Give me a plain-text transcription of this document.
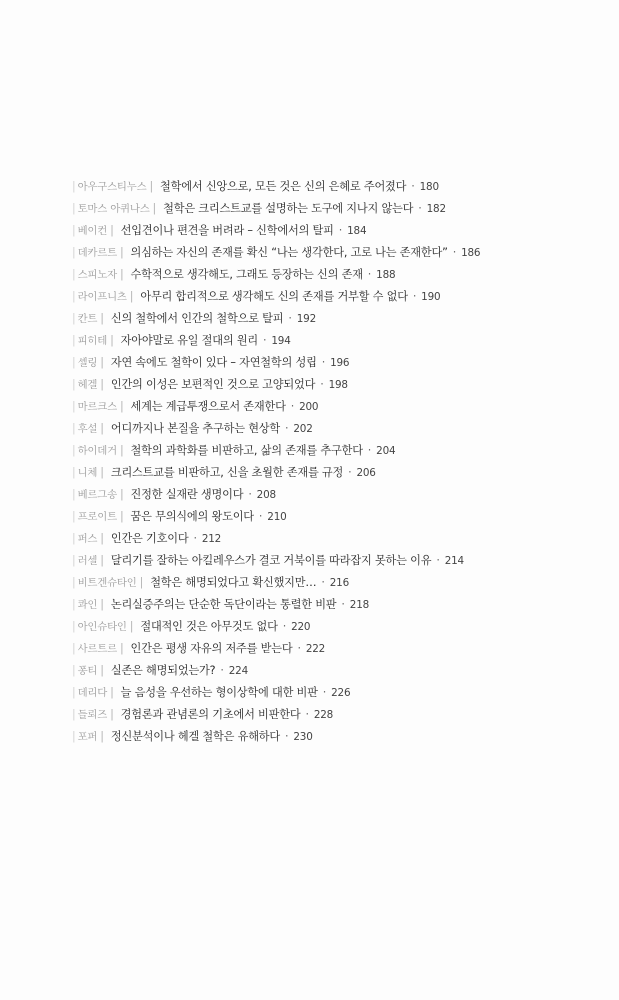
| 아우구스티누스 | 철학에서 신앙으로, 모든 것은 신의 은혜로 주어졌다 · 180
| 토마스 아퀴나스 | 철학은 크리스트교를 설명하는 도구에 지나지 않는다 · 182
| 베이컨 | 선입견이나 편견을 버려라 – 신학에서의 탈피 · 184
| 데카르트 | 의심하는 자신의 존재를 확신 “나는 생각한다, 고로 나는 존재한다” · 186
| 스피노자 | 수학적으로 생각해도, 그래도 등장하는 신의 존재 · 188
| 라이프니츠 | 아무리 합리적으로 생각해도 신의 존재를 거부할 수 없다 · 190
| 칸트 | 신의 철학에서 인간의 철학으로 탈피 · 192
| 피히테 | 자아야말로 유일 절대의 원리 · 194
| 셸링 | 자연 속에도 철학이 있다 – 자연철학의 성립 · 196
| 헤겔 | 인간의 이성은 보편적인 것으로 고양되었다 · 198
| 마르크스 | 세계는 계급투쟁으로서 존재한다 · 200
| 후설 | 어디까지나 본질을 추구하는 현상학 · 202
| 하이데거 | 철학의 과학화를 비판하고, 삶의 존재를 추구한다 · 204
| 니체 | 크리스트교를 비판하고, 신을 초월한 존재를 규정 · 206
| 베르그송 | 진정한 실재란 생명이다 · 208
| 프로이트 | 꿈은 무의식에의 왕도이다 · 210
| 퍼스 | 인간은 기호이다 · 212
| 러셀 | 달리기를 잘하는 아킬레우스가 결코 거북이를 따라잡지 못하는 이유 · 214
| 비트겐슈타인 | 철학은 해명되었다고 확신했지만… · 216
| 콰인 | 논리실증주의는 단순한 독단이라는 통렬한 비판 · 218
| 아인슈타인 | 절대적인 것은 아무것도 없다 · 220
| 사르트르 | 인간은 평생 자유의 저주를 받는다 · 222
| 퐁티 | 실존은 해명되었는가? · 224
| 데리다 | 늘 음성을 우선하는 형이상학에 대한 비판 · 226
| 들뢰즈 | 경험론과 관념론의 기초에서 비판한다 · 228
| 포퍼 | 정신분석이나 헤겔 철학은 유해하다 · 230
